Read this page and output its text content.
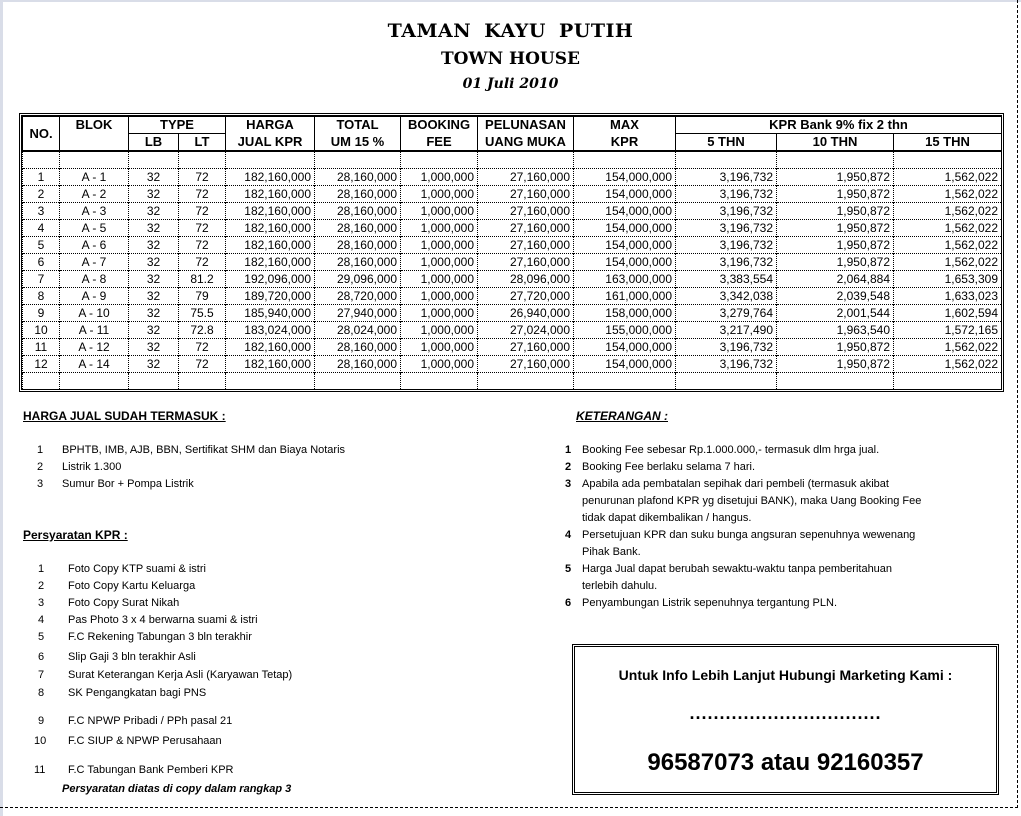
TAMAN KAYU PUTIH
TOWN HOUSE
01 Juli 2010
NO.	BLOK	TYPE		HARGA	TOTAL	BOOKING	PELUNASAN	MAX	KPR Bank 9% fix 2 thn		
		LB	LT	JUAL KPR	UM 15 %	FEE	UANG MUKA	KPR	5 THN	10 THN	15 THN

1	A - 1	32	72	182,160,000	28,160,000	1,000,000	27,160,000	154,000,000	3,196,732	1,950,872	1,562,022
2	A - 2	32	72	182,160,000	28,160,000	1,000,000	27,160,000	154,000,000	3,196,732	1,950,872	1,562,022
3	A - 3	32	72	182,160,000	28,160,000	1,000,000	27,160,000	154,000,000	3,196,732	1,950,872	1,562,022
4	A - 5	32	72	182,160,000	28,160,000	1,000,000	27,160,000	154,000,000	3,196,732	1,950,872	1,562,022
5	A - 6	32	72	182,160,000	28,160,000	1,000,000	27,160,000	154,000,000	3,196,732	1,950,872	1,562,022
6	A - 7	32	72	182,160,000	28,160,000	1,000,000	27,160,000	154,000,000	3,196,732	1,950,872	1,562,022
7	A - 8	32	81.2	192,096,000	29,096,000	1,000,000	28,096,000	163,000,000	3,383,554	2,064,884	1,653,309
8	A - 9	32	79	189,720,000	28,720,000	1,000,000	27,720,000	161,000,000	3,342,038	2,039,548	1,633,023
9	A - 10	32	75.5	185,940,000	27,940,000	1,000,000	26,940,000	158,000,000	3,279,764	2,001,544	1,602,594
10	A - 11	32	72.8	183,024,000	28,024,000	1,000,000	27,024,000	155,000,000	3,217,490	1,963,540	1,572,165
11	A - 12	32	72	182,160,000	28,160,000	1,000,000	27,160,000	154,000,000	3,196,732	1,950,872	1,562,022
12	A - 14	32	72	182,160,000	28,160,000	1,000,000	27,160,000	154,000,000	3,196,732	1,950,872	1,562,022

HARGA JUAL SUDAH TERMASUK :
1 BPHTB, IMB, AJB, BBN, Sertifikat SHM dan Biaya Notaris
2 Listrik 1.300
3 Sumur Bor + Pompa Listrik
Persyaratan KPR :
1 Foto Copy KTP suami & istri
2 Foto Copy Kartu Keluarga
3 Foto Copy Surat Nikah
4 Pas Photo 3 x 4 berwarna suami & istri
5 F.C Rekening Tabungan 3 bln terakhir
6 Slip Gaji 3 bln terakhir Asli
7 Surat Keterangan Kerja Asli (Karyawan Tetap)
8 SK Pengangkatan bagi PNS
9 F.C NPWP Pribadi / PPh pasal 21
10 F.C SIUP & NPWP Perusahaan
11 F.C Tabungan Bank Pemberi KPR
Persyaratan diatas di copy dalam rangkap 3
KETERANGAN :
1 Booking Fee sebesar Rp.1.000.000,- termasuk dlm hrga jual.
2 Booking Fee berlaku selama 7 hari.
3 Apabila ada pembatalan sepihak dari pembeli (termasuk akibat
penurunan plafond KPR yg disetujui BANK), maka Uang Booking Fee
tidak dapat dikembalikan / hangus.
4 Persetujuan KPR dan suku bunga angsuran sepenuhnya wewenang
Pihak Bank.
5 Harga Jual dapat berubah sewaktu-waktu tanpa pemberitahuan
terlebih dahulu.
6 Penyambungan Listrik sepenuhnya tergantung PLN.
Untuk Info Lebih Lanjut Hubungi Marketing Kami :
................................
96587073 atau 92160357
